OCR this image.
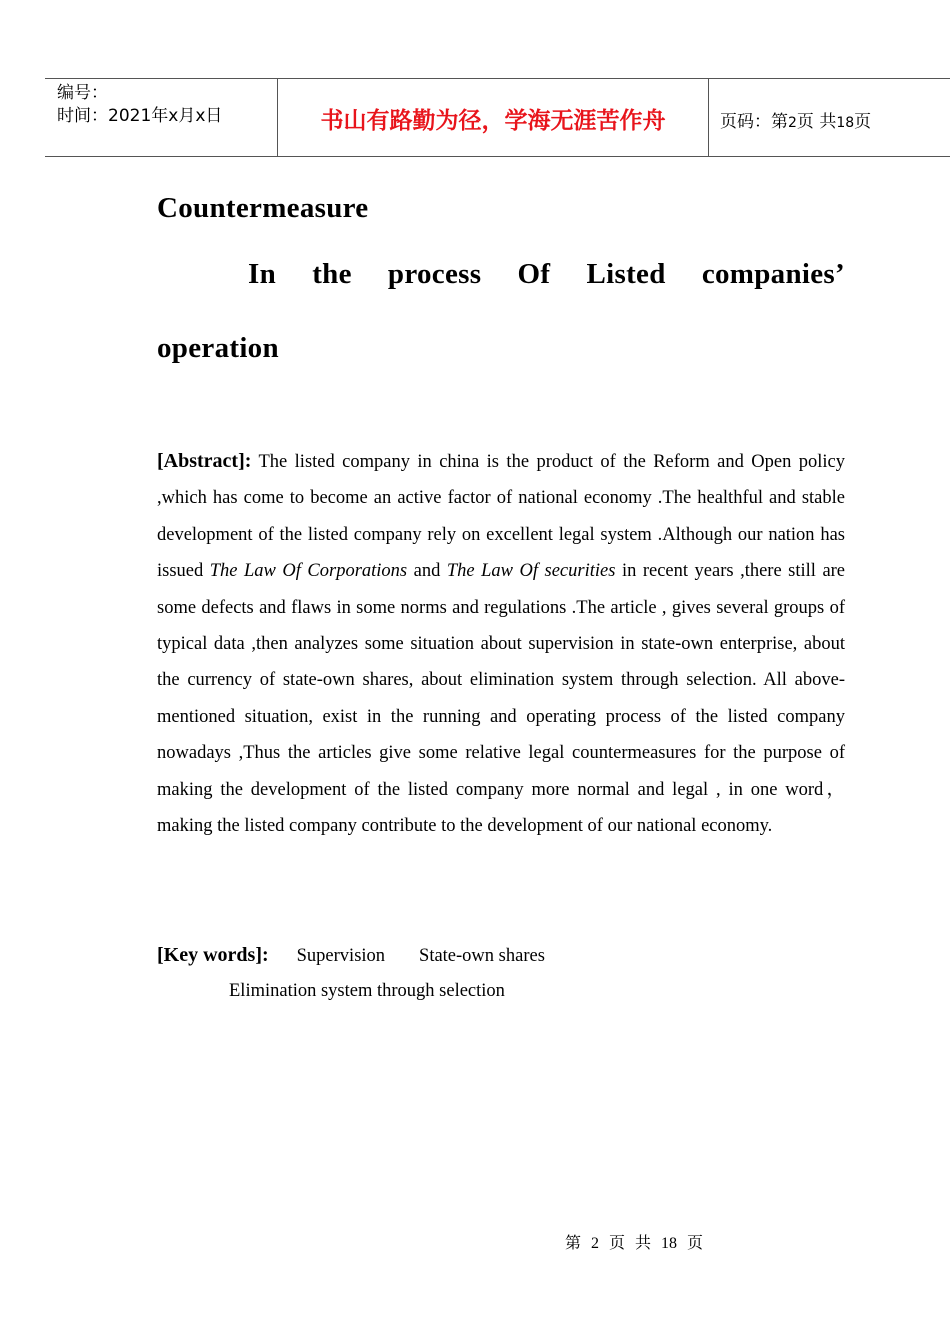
编号：
时间：2021年x月x日	书山有路勤为径，学海无涯苦作舟	页码：第2页 共18页
Countermeasure
In the process Of Listed companies’
operation
[Abstract]: The listed company in china is the product of the Reform and Open policy ,which has come to become an active factor of national economy .The healthful and stable development of the listed company rely on excellent legal system .Although our nation has issued The Law Of Corporations and The Law Of securities in recent years ,there still are some defects and flaws in some norms and regulations .The article , gives several groups of typical data ,then analyzes some situation about supervision in state-own enterprise, about the currency of state-own shares, about elimination system through selection. All above-mentioned situation, exist in the running and operating process of the listed company nowadays ,Thus the articles give some relative legal countermeasures for the purpose of making the development of the listed company more normal and legal , in one word， making the listed company contribute to the development of our national economy.
[Key words]: Supervision State-own shares
Elimination system through selection
第 2 页 共 18 页
